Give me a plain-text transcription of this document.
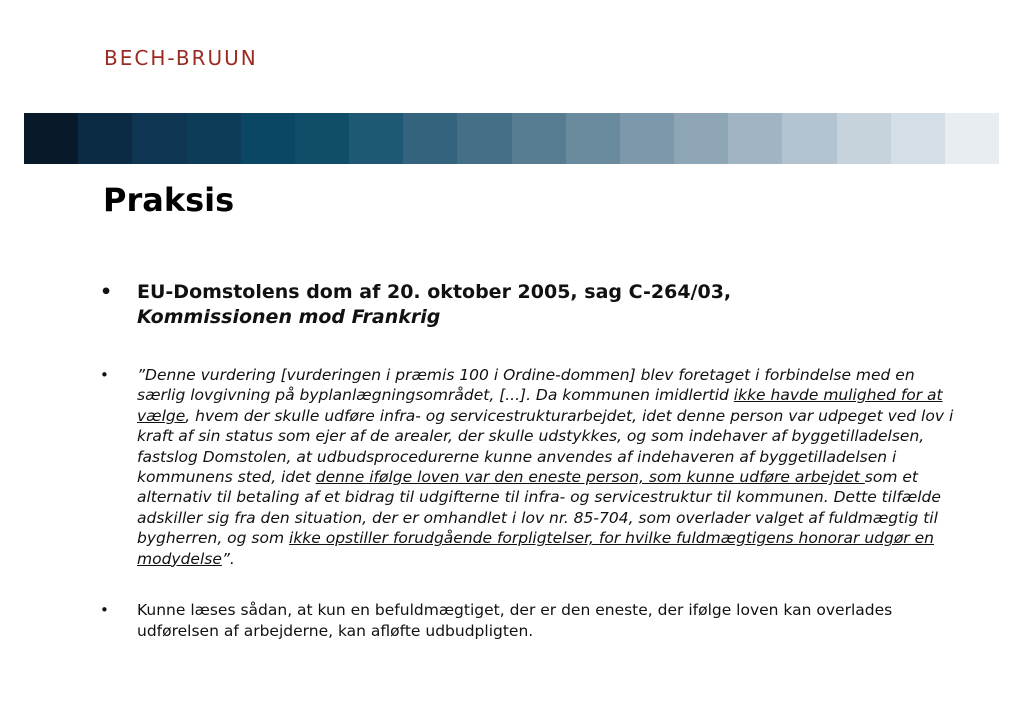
BECH-BRUUN
Praksis
• EU-Domstolens dom af 20. oktober 2005, sag C-264/03,
Kommissionen mod Frankrig
• ”Denne vurdering [vurderingen i præmis 100 i Ordine-dommen] blev foretaget i forbindelse med en særlig lovgivning på byplanlægningsområdet, [...]. Da kommunen imidlertid ikke havde mulighed for at vælge, hvem der skulle udføre infra- og servicestrukturarbejdet, idet denne person var udpeget ved lov i kraft af sin status som ejer af de arealer, der skulle udstykkes, og som indehaver af byggetilladelsen, fastslog Domstolen, at udbudsprocedurerne kunne anvendes af indehaveren af byggetilladelsen i kommunens sted, idet denne ifølge loven var den eneste person, som kunne udføre arbejdet som et alternativ til betaling af et bidrag til udgifterne til infra- og servicestruktur til kommunen. Dette tilfælde adskiller sig fra den situation, der er omhandlet i lov nr. 85-704, som overlader valget af fuldmægtig til bygherren, og som ikke opstiller forudgående forpligtelser, for hvilke fuldmægtigens honorar udgør en modydelse”.
• Kunne læses sådan, at kun en befuldmægtiget, der er den eneste, der ifølge loven kan overlades udførelsen af arbejderne, kan afløfte udbudpligten.
